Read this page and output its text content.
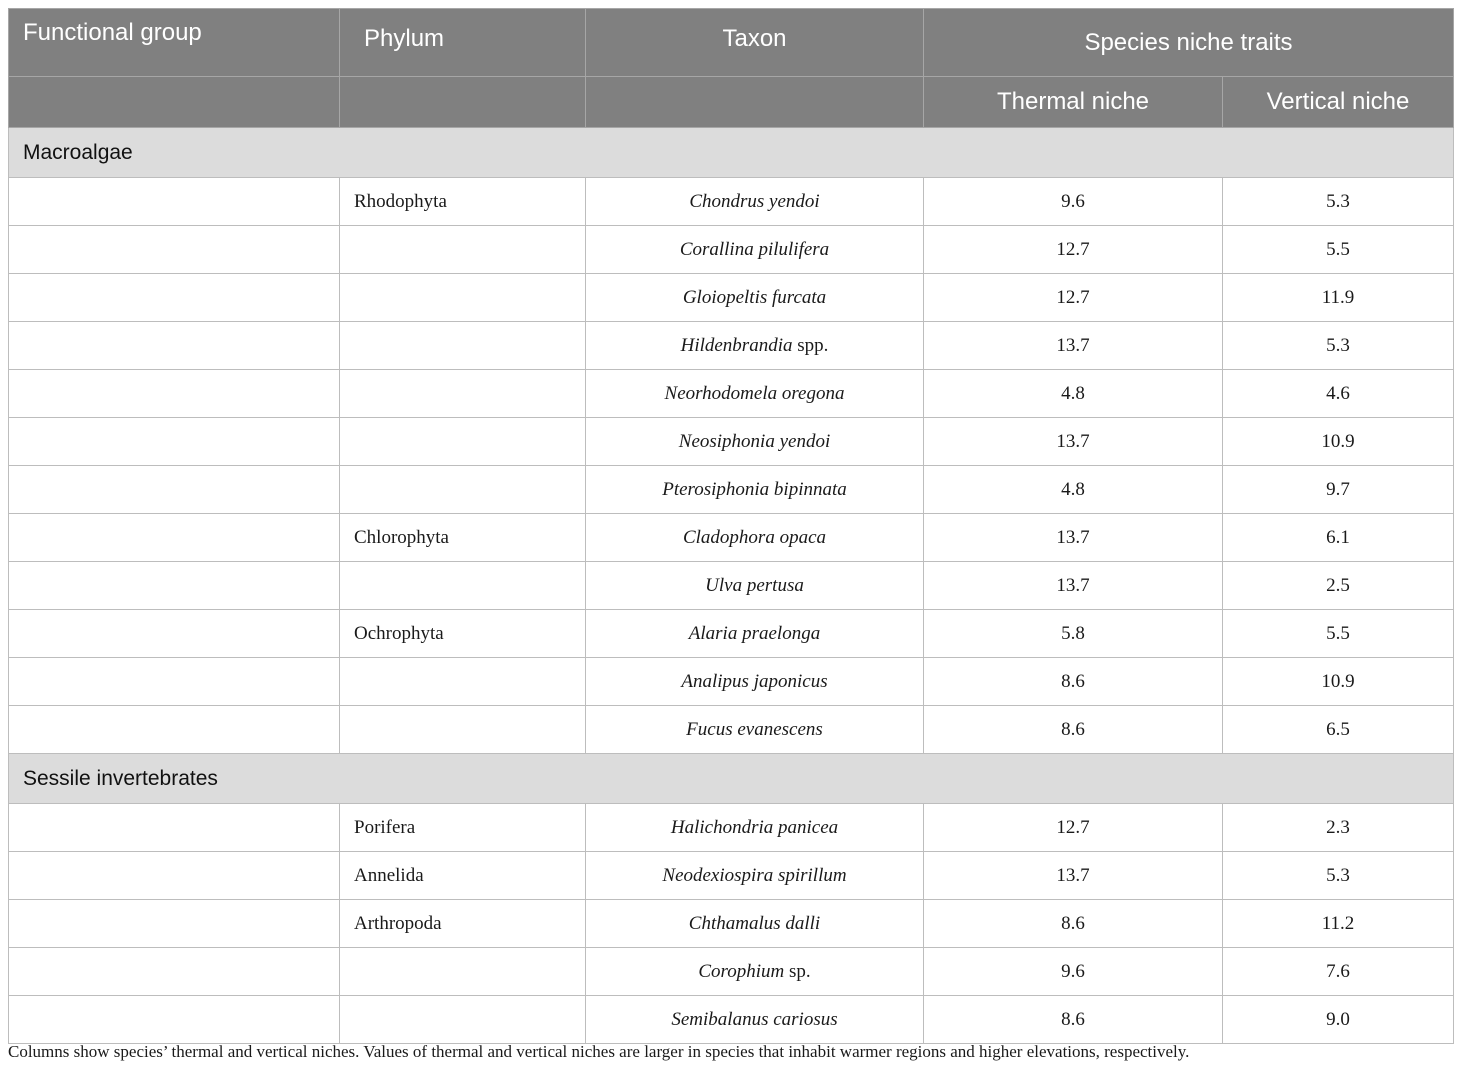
Functional group	Phylum	Taxon	Species niche traits	
			Thermal niche	Vertical niche
Macroalgae				
	Rhodophyta	Chondrus yendoi	9.6	5.3
		Corallina pilulifera	12.7	5.5
		Gloiopeltis furcata	12.7	11.9
		Hildenbrandia spp.	13.7	5.3
		Neorhodomela oregona	4.8	4.6
		Neosiphonia yendoi	13.7	10.9
		Pterosiphonia bipinnata	4.8	9.7
	Chlorophyta	Cladophora opaca	13.7	6.1
		Ulva pertusa	13.7	2.5
	Ochrophyta	Alaria praelonga	5.8	5.5
		Analipus japonicus	8.6	10.9
		Fucus evanescens	8.6	6.5
Sessile invertebrates				
	Porifera	Halichondria panicea	12.7	2.3
	Annelida	Neodexiospira spirillum	13.7	5.3
	Arthropoda	Chthamalus dalli	8.6	11.2
		Corophium sp.	9.6	7.6
		Semibalanus cariosus	8.6	9.0
Columns show species’ thermal and vertical niches. Values of thermal and vertical niches are larger in species that inhabit warmer regions and higher elevations, respectively.
